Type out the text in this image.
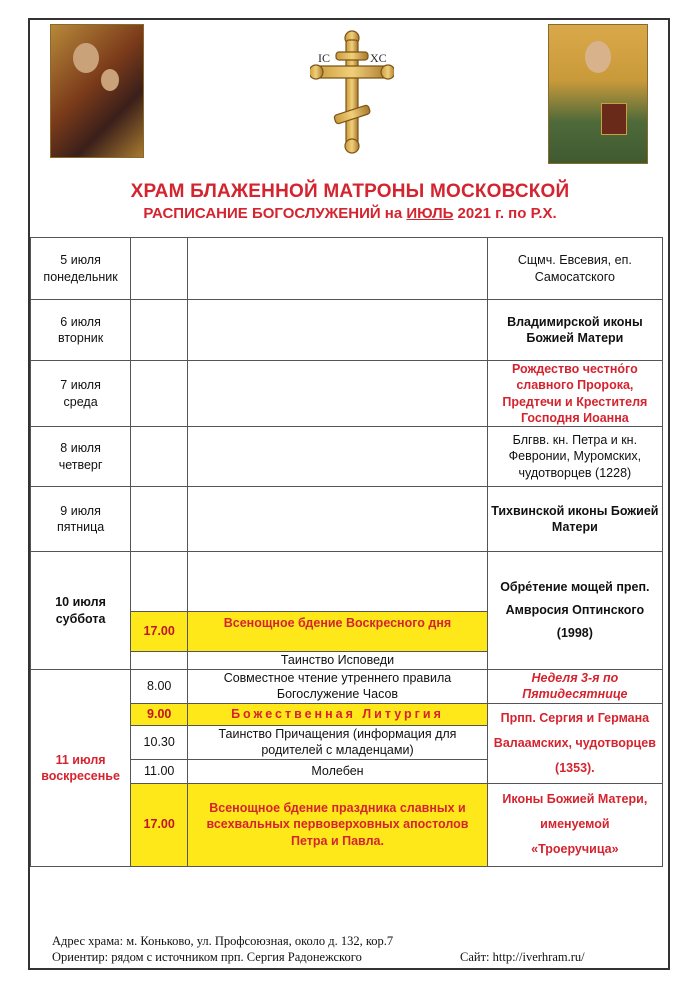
IC	XC
ХРАМ БЛАЖЕННОЙ МАТРОНЫ МОСКОВСКОЙ
РАСПИСАНИЕ БОГОСЛУЖЕНИЙ на ИЮЛЬ 2021 г. по Р.Х.
5 июля
понедельник			Сщмч. Евсевия, еп. Самосатского
6 июля
вторник			Владимирской иконы Божией Матери
7 июля
среда			Рождество честно́го славного Пророка, Предтечи и Крестителя Господня Иоанна
8 июля
четверг			Блгвв. кн. Петра и кн. Февронии, Муромских, чудотворцев (1228)
9 июля
пятница			Тихвинской иконы Божией Матери
10 июля
суббота			Обре́тение мощей преп.
Амвросия Оптинского
(1998)
	17.00	Всенощное бдение Воскресного дня	
		Таинство Исповеди	
11 июля
воскресенье	8.00	Совместное чтение утреннего правила Богослужение Часов	Неделя 3-я по Пятидесятнице
	9.00	Божественная Литургия	Прпп. Сергия и Германа Валаамских, чудотворцев (1353).
	10.30	Таинство Причащения (информация для родителей с младенцами)	
	11.00	Молебен	
	17.00	Всенощное бдение праздника славных и всехвальных первоверховных апостолов Петра и Павла.	Иконы Божией Матери,
именуемой
«Троеручица»
Адрес храма: м. Коньково, ул. Профсоюзная, около д. 132, кор.7
Ориентир: рядом с источником прп. Сергия Радонежского	Сайт: http://iverhram.ru/
